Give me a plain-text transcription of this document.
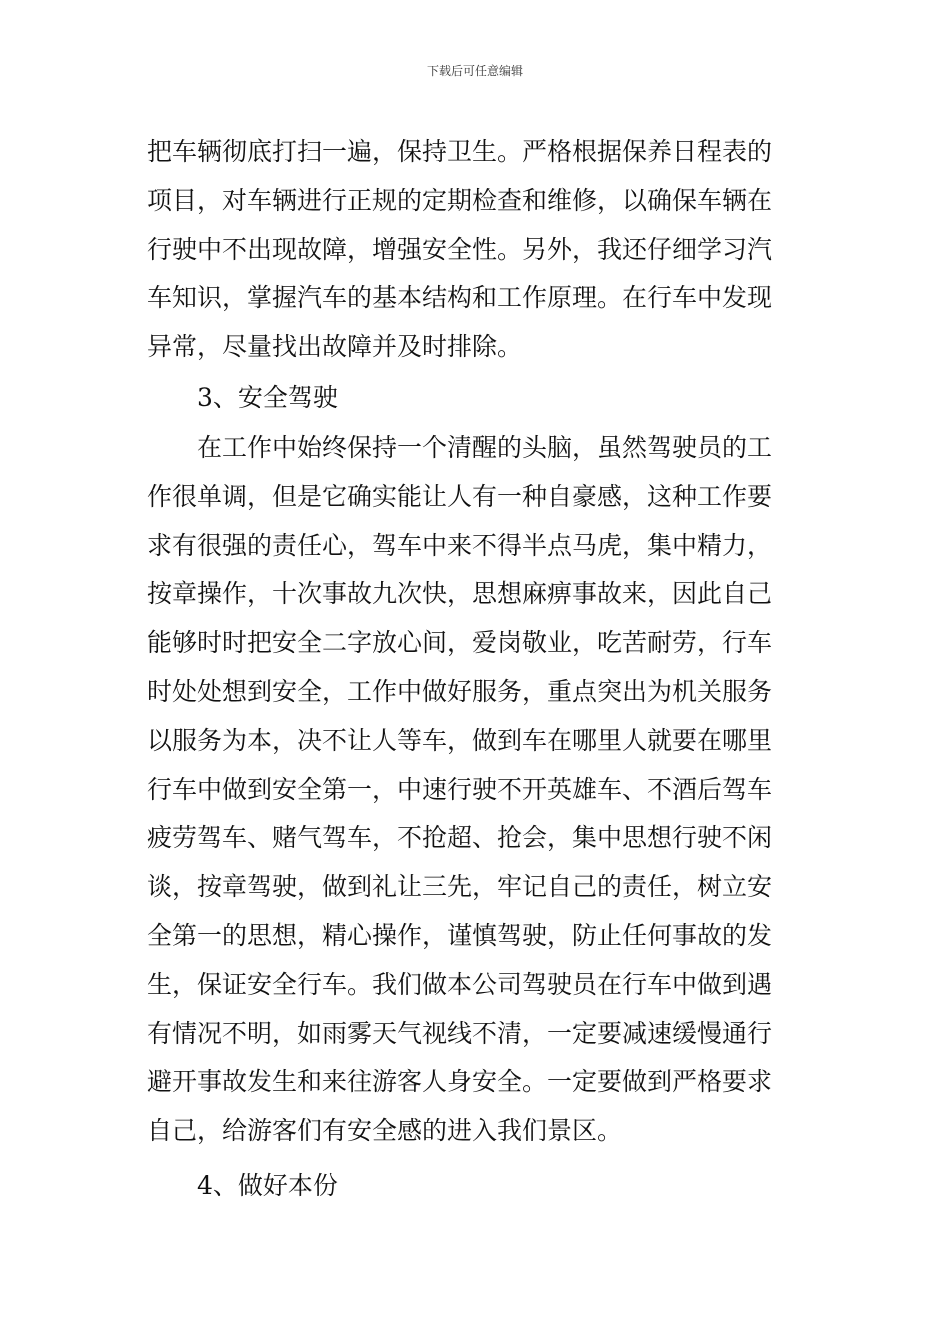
下载后可任意编辑
把车辆彻底打扫一遍，保持卫生。严格根据保养日程表的
项目，对车辆进行正规的定期检查和维修，以确保车辆在
行驶中不出现故障，增强安全性。另外，我还仔细学习汽
车知识，掌握汽车的基本结构和工作原理。在行车中发现
异常，尽量找出故障并及时排除。
3、安全驾驶
在工作中始终保持一个清醒的头脑，虽然驾驶员的工
作很单调，但是它确实能让人有一种自豪感，这种工作要
求有很强的责任心，驾车中来不得半点马虎，集中精力，
按章操作，十次事故九次快，思想麻痹事故来，因此自己
能够时时把安全二字放心间，爱岗敬业，吃苦耐劳，行车
时处处想到安全，工作中做好服务，重点突出为机关服务
以服务为本，决不让人等车，做到车在哪里人就要在哪里
行车中做到安全第一，中速行驶不开英雄车、不酒后驾车
疲劳驾车、赌气驾车，不抢超、抢会，集中思想行驶不闲
谈，按章驾驶，做到礼让三先，牢记自己的责任，树立安
全第一的思想，精心操作，谨慎驾驶，防止任何事故的发
生，保证安全行车。我们做本公司驾驶员在行车中做到遇
有情况不明，如雨雾天气视线不清，一定要减速缓慢通行
避开事故发生和来往游客人身安全。一定要做到严格要求
自己，给游客们有安全感的进入我们景区。
4、做好本份
